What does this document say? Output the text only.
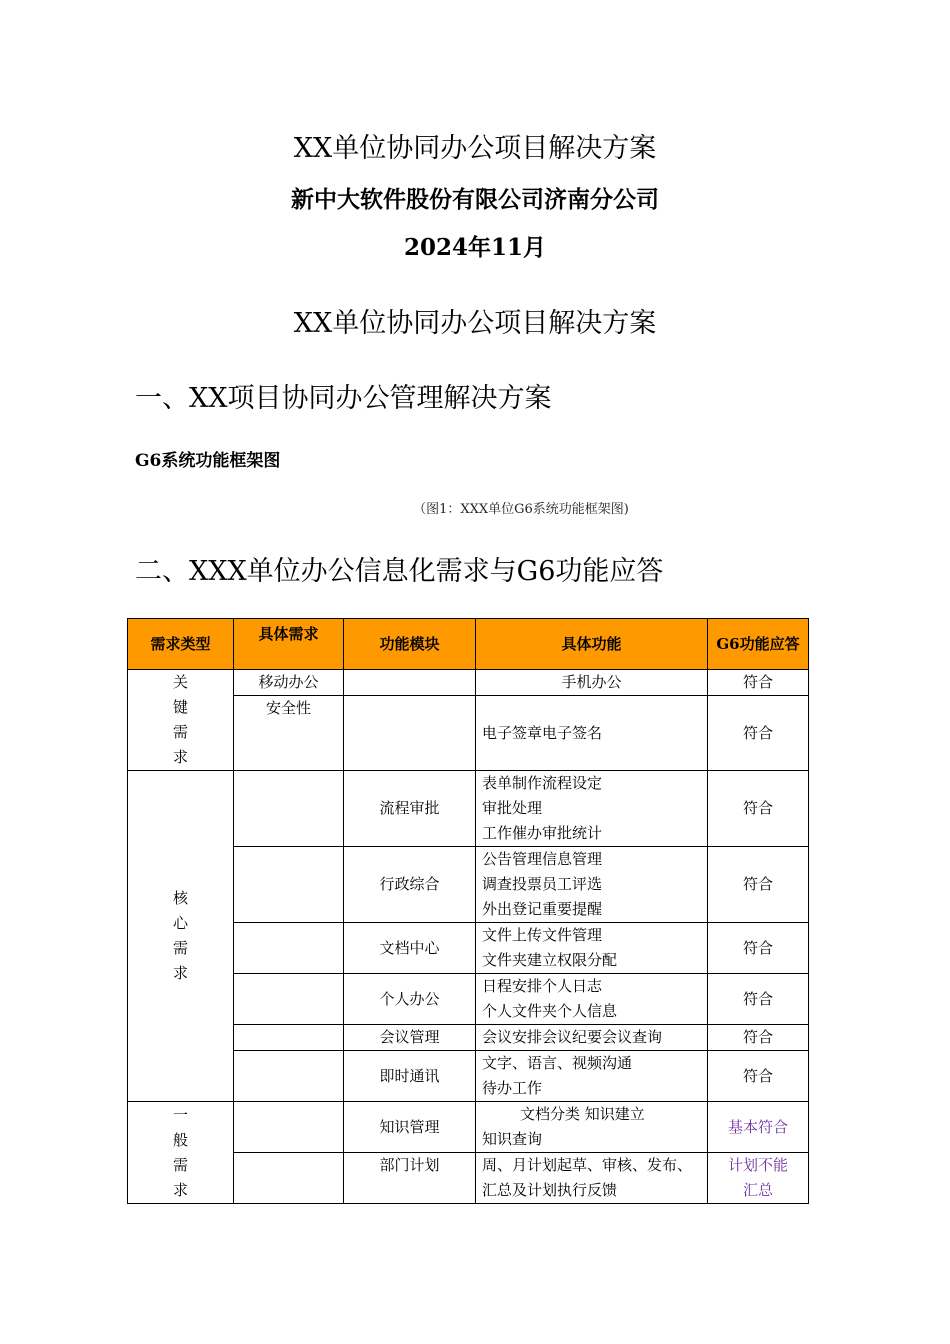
XX单位协同办公项目解决方案
新中大软件股份有限公司济南分公司
2024年11月
XX单位协同办公项目解决方案
一、XX项目协同办公管理解决方案
G6系统功能框架图
（图1：XXX单位G6系统功能框架图)
二、XXX单位办公信息化需求与G6功能应答
需求类型	具体需求	功能模块	具体功能	G6功能应答

关
键
需
求	移动办公		手机办公	符合
	安全性		电子签章电子签名	符合

核
心
需
求		流程审批	表单制作流程设定
审批处理
工作催办审批统计	符合
		行政综合	公告管理信息管理
调查投票员工评选
外出登记重要提醒	符合
		文档中心	文件上传文件管理
文件夹建立权限分配	符合
		个人办公	日程安排个人日志
个人文件夹个人信息	符合
		会议管理	会议安排会议纪要会议查询	符合
		即时通讯	文字、语言、视频沟通
待办工作	符合

一
般
需
求		知识管理	文档分类 知识建立
知识查询	基本符合
		部门计划	周、月计划起草、审核、发布、
汇总及计划执行反馈	计划不能
汇总
